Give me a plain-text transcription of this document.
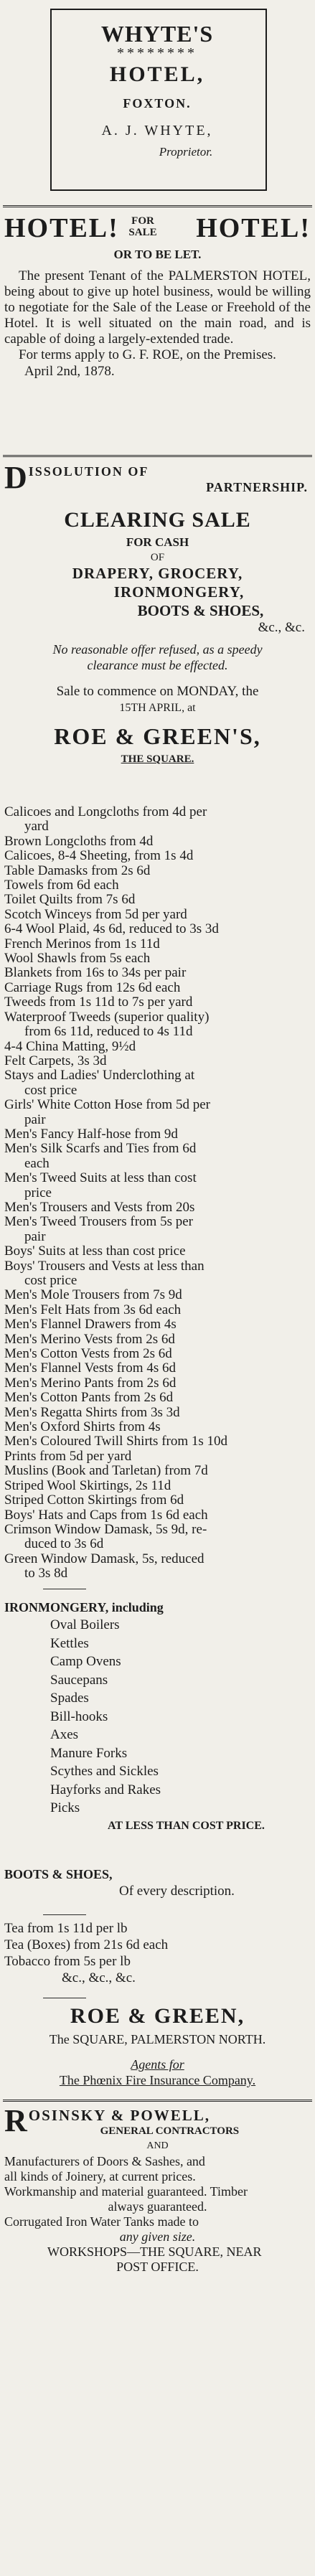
WHYTE'S
********
HOTEL,
FOXTON.
A. J. WHYTE,
Proprietor.
HOTEL!	FOR SALE	HOTEL!
OR TO BE LET.
The present Tenant of the PALMERSTON HOTEL, being about to give up hotel business, would be willing to negotiate for the Sale of the Lease or Freehold of the Hotel. It is well situated on the main road, and is capable of doing a largely-extended trade.
For terms apply to G. F. ROE, on the Premises.
April 2nd, 1878.
D ISSOLUTION OF
PARTNERSHIP.
CLEARING SALE
FOR CASH
OF
DRAPERY, GROCERY,
IRONMONGERY,
BOOTS & SHOES,
&c., &c.
No reasonable offer refused, as a speedy
clearance must be effected.
Sale to commence on MONDAY, the
15TH APRIL, at
ROE & GREEN'S,
THE SQUARE.
Calicoes and Longcloths from 4d per
yard
Brown Longcloths from 4d
Calicoes, 8-4 Sheeting, from 1s 4d
Table Damasks from 2s 6d
Towels from 6d each
Toilet Quilts from 7s 6d
Scotch Winceys from 5d per yard
6-4 Wool Plaid, 4s 6d, reduced to 3s 3d
French Merinos from 1s 11d
Wool Shawls from 5s each
Blankets from 16s to 34s per pair
Carriage Rugs from 12s 6d each
Tweeds from 1s 11d to 7s per yard
Waterproof Tweeds (superior quality)
from 6s 11d, reduced to 4s 11d
4-4 China Matting, 9½d
Felt Carpets, 3s 3d
Stays and Ladies' Underclothing at
cost price
Girls' White Cotton Hose from 5d per
pair
Men's Fancy Half-hose from 9d
Men's Silk Scarfs and Ties from 6d
each
Men's Tweed Suits at less than cost
price
Men's Trousers and Vests from 20s
Men's Tweed Trousers from 5s per
pair
Boys' Suits at less than cost price
Boys' Trousers and Vests at less than
cost price
Men's Mole Trousers from 7s 9d
Men's Felt Hats from 3s 6d each
Men's Flannel Drawers from 4s
Men's Merino Vests from 2s 6d
Men's Cotton Vests from 2s 6d
Men's Flannel Vests from 4s 6d
Men's Merino Pants from 2s 6d
Men's Cotton Pants from 2s 6d
Men's Regatta Shirts from 3s 3d
Men's Oxford Shirts from 4s
Men's Coloured Twill Shirts from 1s 10d
Prints from 5d per yard
Muslins (Book and Tarletan) from 7d
Striped Wool Skirtings, 2s 11d
Striped Cotton Skirtings from 6d
Boys' Hats and Caps from 1s 6d each
Crimson Window Damask, 5s 9d, re-
duced to 3s 6d
Green Window Damask, 5s, reduced
to 3s 8d
IRONMONGERY, including
Oval Boilers
Kettles
Camp Ovens
Saucepans
Spades
Bill-hooks
Axes
Manure Forks
Scythes and Sickles
Hayforks and Rakes
Picks
AT LESS THAN COST PRICE.
BOOTS & SHOES,
Of every description.
Tea from 1s 11d per lb
Tea (Boxes) from 21s 6d each
Tobacco from 5s per lb
&c., &c., &c.
ROE & GREEN,
The SQUARE, PALMERSTON NORTH.
Agents for
The Phœnix Fire Insurance Company.
R OSINSKY & POWELL,
GENERAL CONTRACTORS
AND
Manufacturers of Doors & Sashes, and
all kinds of Joinery, at current prices.
Workmanship and material guaranteed. Timber
always guaranteed.
Corrugated Iron Water Tanks made to
any given size.
WORKSHOPS—THE SQUARE, NEAR
POST OFFICE.
